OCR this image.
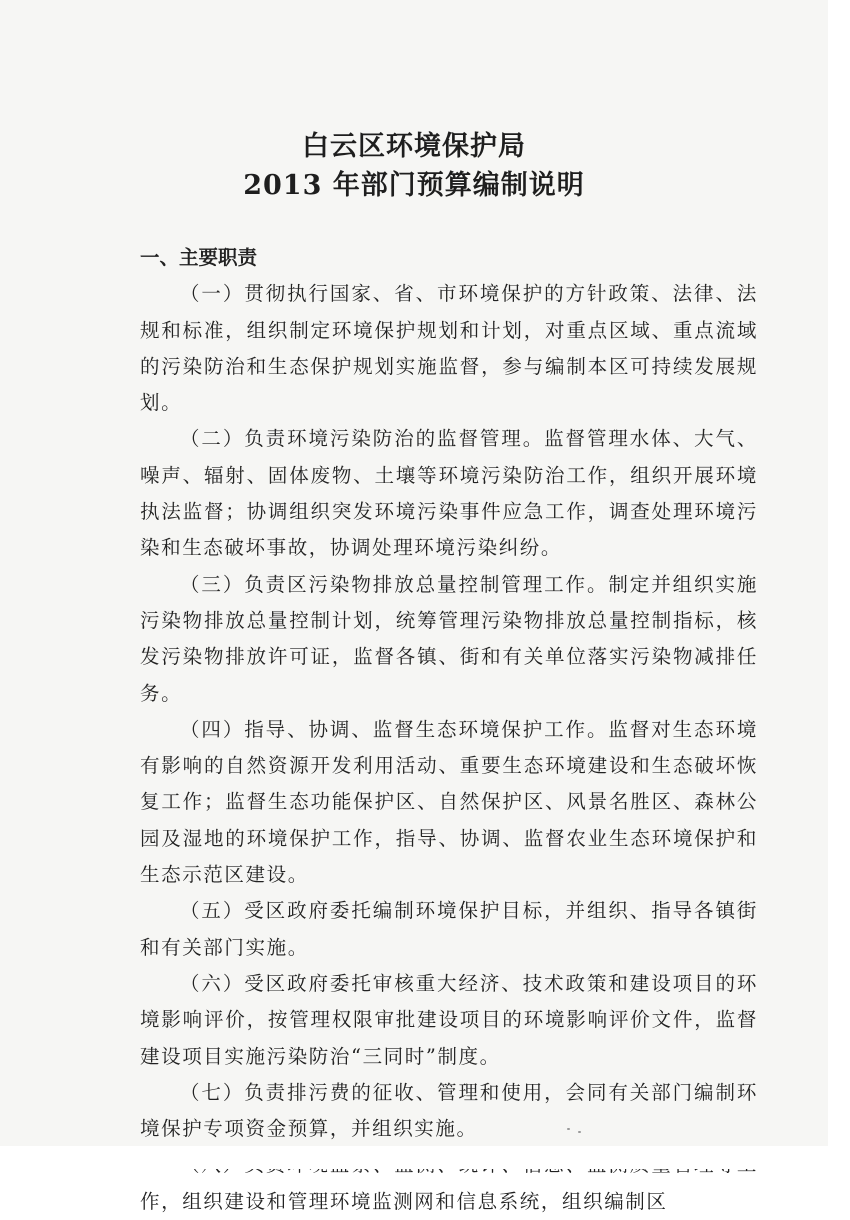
白云区环境保护局
2013 年部门预算编制说明

一、主要职责

（一）贯彻执行国家、省、市环境保护的方针政策、法律、法规和标准，组织制定环境保护规划和计划，对重点区域、重点流域的污染防治和生态保护规划实施监督，参与编制本区可持续发展规划。

（二）负责环境污染防治的监督管理。监督管理水体、大气、噪声、辐射、固体废物、土壤等环境污染防治工作，组织开展环境执法监督；协调组织突发环境污染事件应急工作，调查处理环境污染和生态破坏事故，协调处理环境污染纠纷。

（三）负责区污染物排放总量控制管理工作。制定并组织实施污染物排放总量控制计划，统筹管理污染物排放总量控制指标，核发污染物排放许可证，监督各镇、街和有关单位落实污染物减排任务。

（四）指导、协调、监督生态环境保护工作。监督对生态环境有影响的自然资源开发利用活动、重要生态环境建设和生态破坏恢复工作；监督生态功能保护区、自然保护区、风景名胜区、森林公园及湿地的环境保护工作，指导、协调、监督农业生态环境保护和生态示范区建设。

（五）受区政府委托编制环境保护目标，并组织、指导各镇街和有关部门实施。

（六）受区政府委托审核重大经济、技术政策和建设项目的环境影响评价，按管理权限审批建设项目的环境影响评价文件，监督建设项目实施污染防治“三同时”制度。

（七）负责排污费的征收、管理和使用，会同有关部门编制环境保护专项资金预算，并组织实施。

作，组织建设和管理环境监测网和信息系统，组织编制区
